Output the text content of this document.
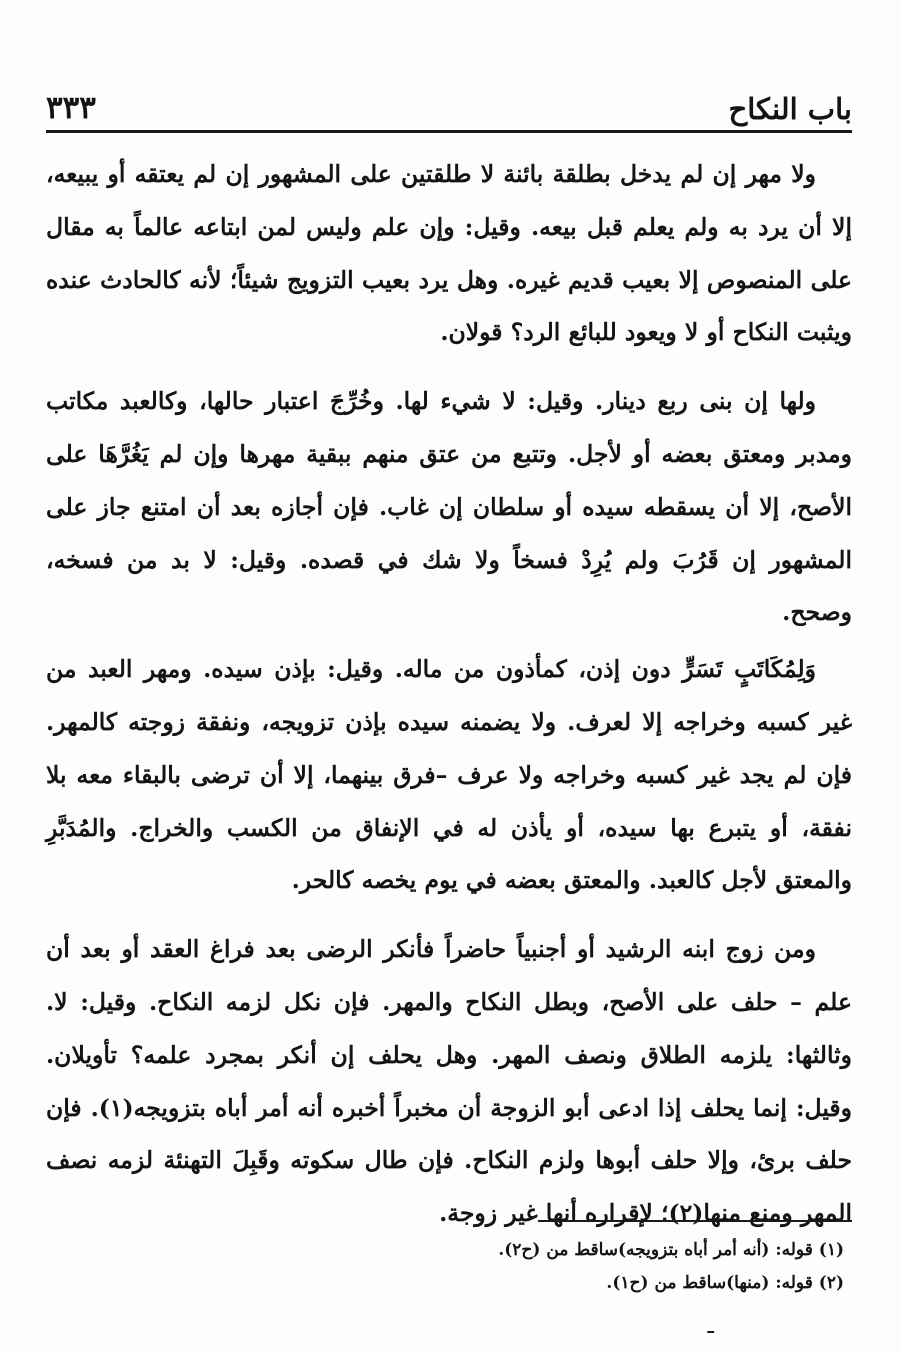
باب النكاح
٣٣٣

ولا مهر إن لم يدخل بطلقة بائنة لا طلقتين على المشهور إن لم يعتقه أو يبيعه، إلا أن يرد به ولم يعلم قبل بيعه. وقيل: وإن علم وليس لمن ابتاعه عالماً به مقال على المنصوص إلا بعيب قديم غيره. وهل يرد بعيب التزويج شيئاً؛ لأنه كالحادث عنده ويثبت النكاح أو لا ويعود للبائع الرد؟ قولان.

ولها إن بنى ربع دينار. وقيل: لا شيء لها. وخُرِّجَ اعتبار حالها، وكالعبد مكاتب ومدبر ومعتق بعضه أو لأجل. وتتبع من عتق منهم ببقية مهرها وإن لم يَغُرَّهَا على الأصح، إلا أن يسقطه سيده أو سلطان إن غاب. فإن أجازه بعد أن امتنع جاز على المشهور إن قَرُبَ ولم يُرِدْ فسخاً ولا شك في قصده. وقيل: لا بد من فسخه، وصحح.

وَلِمُكَاتَبٍ تَسَرٍّ دون إذن، كمأذون من ماله. وقيل: بإذن سيده. ومهر العبد من غير كسبه وخراجه إلا لعرف. ولا يضمنه سيده بإذن تزويجه، ونفقة زوجته كالمهر. فإن لم يجد غير كسبه وخراجه ولا عرف –فرق بينهما، إلا أن ترضى بالبقاء معه بلا نفقة، أو يتبرع بها سيده، أو يأذن له في الإنفاق من الكسب والخراج. والمُدَبَّرِ والمعتق لأجل كالعبد. والمعتق بعضه في يوم يخصه كالحر.

ومن زوج ابنه الرشيد أو أجنبياً حاضراً فأنكر الرضى بعد فراغ العقد أو بعد أن علم – حلف على الأصح، وبطل النكاح والمهر. فإن نكل لزمه النكاح. وقيل: لا. وثالثها: يلزمه الطلاق ونصف المهر. وهل يحلف إن أنكر بمجرد علمه؟ تأويلان. وقيل: إنما يحلف إذا ادعى أبو الزوجة أن مخبراً أخبره أنه أمر أباه بتزويجه(١). فإن حلف برئ، وإلا حلف أبوها ولزم النكاح. فإن طال سكوته وقَبِلَ التهنئة لزمه نصف المهر ومنع منها(٢)؛ لإقراره أنها غير زوجة.

(١) قوله: (أنه أمر أباه بتزويجه)ساقط من (ح٢).

(٢) قوله: (منها)ساقط من (ح١).

ـ
